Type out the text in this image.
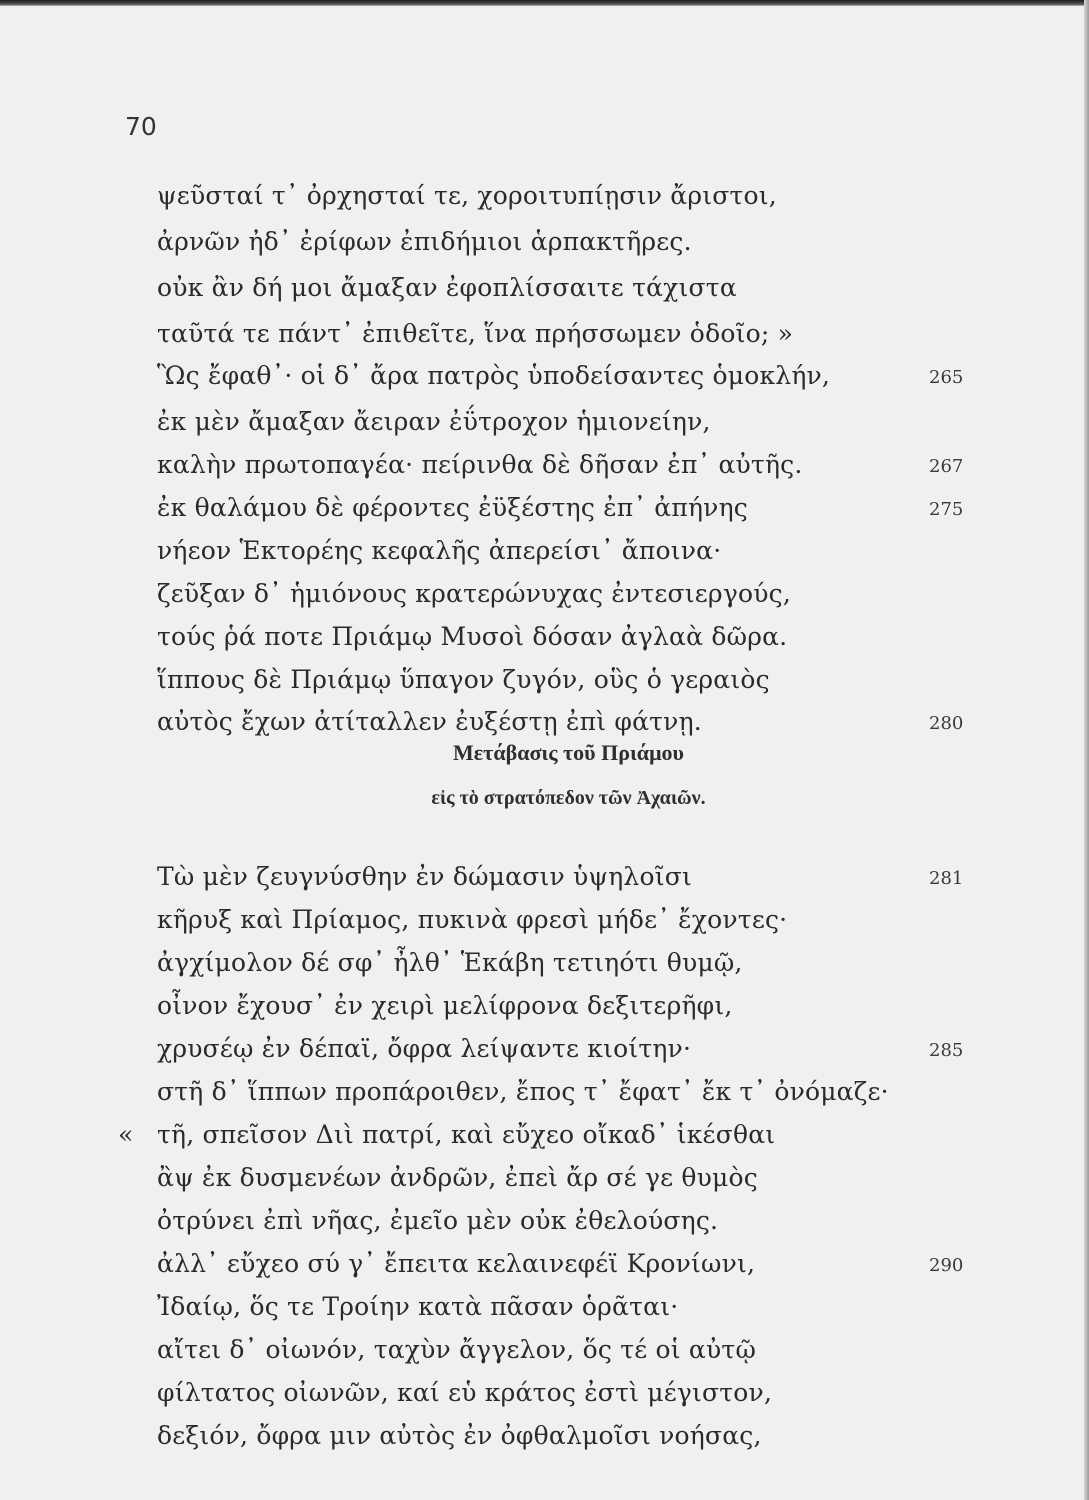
70
ψεῦσταί τ᾽ ὀρχησταί τε, χοροιτυπίῃσιν ἄριστοι,
ἀρνῶν ἠδ᾽ ἐρίφων ἐπιδήμιοι ἁρπακτῆρες.
οὐκ ἂν δή μοι ἄμαξαν ἐφοπλίσσαιτε τάχιστα
ταῦτά τε πάντ᾽ ἐπιθεῖτε, ἵνα πρήσσωμεν ὁδοῖο; »
Ὣς ἔφαθ᾽· οἱ δ᾽ ἄρα πατρὸς ὑποδείσαντες ὁμοκλήν,	265
ἐκ μὲν ἄμαξαν ἄειραν ἐΰτροχον ἡμιονείην,
καλὴν πρωτοπαγέα· πείρινθα δὲ δῆσαν ἐπ᾽ αὐτῆς.	267
ἐκ θαλάμου δὲ φέροντες ἐϋξέστης ἐπ᾽ ἀπήνης	275
νήεον Ἑκτορέης κεφαλῆς ἀπερείσι᾽ ἄποινα·
ζεῦξαν δ᾽ ἡμιόνους κρατερώνυχας ἐντεσιεργούς,
τούς ῥά ποτε Πριάμῳ Μυσοὶ δόσαν ἀγλαὰ δῶρα.
ἵππους δὲ Πριάμῳ ὕπαγον ζυγόν, οὓς ὁ γεραιὸς
αὐτὸς ἔχων ἀτίταλλεν ἐυξέστῃ ἐπὶ φάτνῃ.	280
Μετάβασις τοῦ Πριάμου
εἰς τὸ στρατόπεδον τῶν Ἀχαιῶν.
Τὼ μὲν ζευγνύσθην ἐν δώμασιν ὑψηλοῖσι	281
κῆρυξ καὶ Πρίαμος, πυκινὰ φρεσὶ μήδε᾽ ἔχοντες·
ἀγχίμολον δέ σφ᾽ ἦλθ᾽ Ἑκάβη τετιηότι θυμῷ,
οἶνον ἔχουσ᾽ ἐν χειρὶ μελίφρονα δεξιτερῆφι,
χρυσέῳ ἐν δέπαϊ, ὄφρα λείψαντε κιοίτην·	285
στῆ δ᾽ ἵππων προπάροιθεν, ἔπος τ᾽ ἔφατ᾽ ἔκ τ᾽ ὀνόμαζε·
« τῆ, σπεῖσον Διὶ πατρί, καὶ εὔχεο οἴκαδ᾽ ἱκέσθαι
ἂψ ἐκ δυσμενέων ἀνδρῶν, ἐπεὶ ἄρ σέ γε θυμὸς
ὀτρύνει ἐπὶ νῆας, ἐμεῖο μὲν οὐκ ἐθελούσης.
ἀλλ᾽ εὔχεο σύ γ᾽ ἔπειτα κελαινεφέϊ Κρονίωνι,	290
Ἰδαίῳ, ὅς τε Τροίην κατὰ πᾶσαν ὁρᾶται·
αἴτει δ᾽ οἰωνόν, ταχὺν ἄγγελον, ὅς τέ οἱ αὐτῷ
φίλτατος οἰωνῶν, καί εὑ κράτος ἐστὶ μέγιστον,
δεξιόν, ὄφρα μιν αὐτὸς ἐν ὀφθαλμοῖσι νοήσας,
